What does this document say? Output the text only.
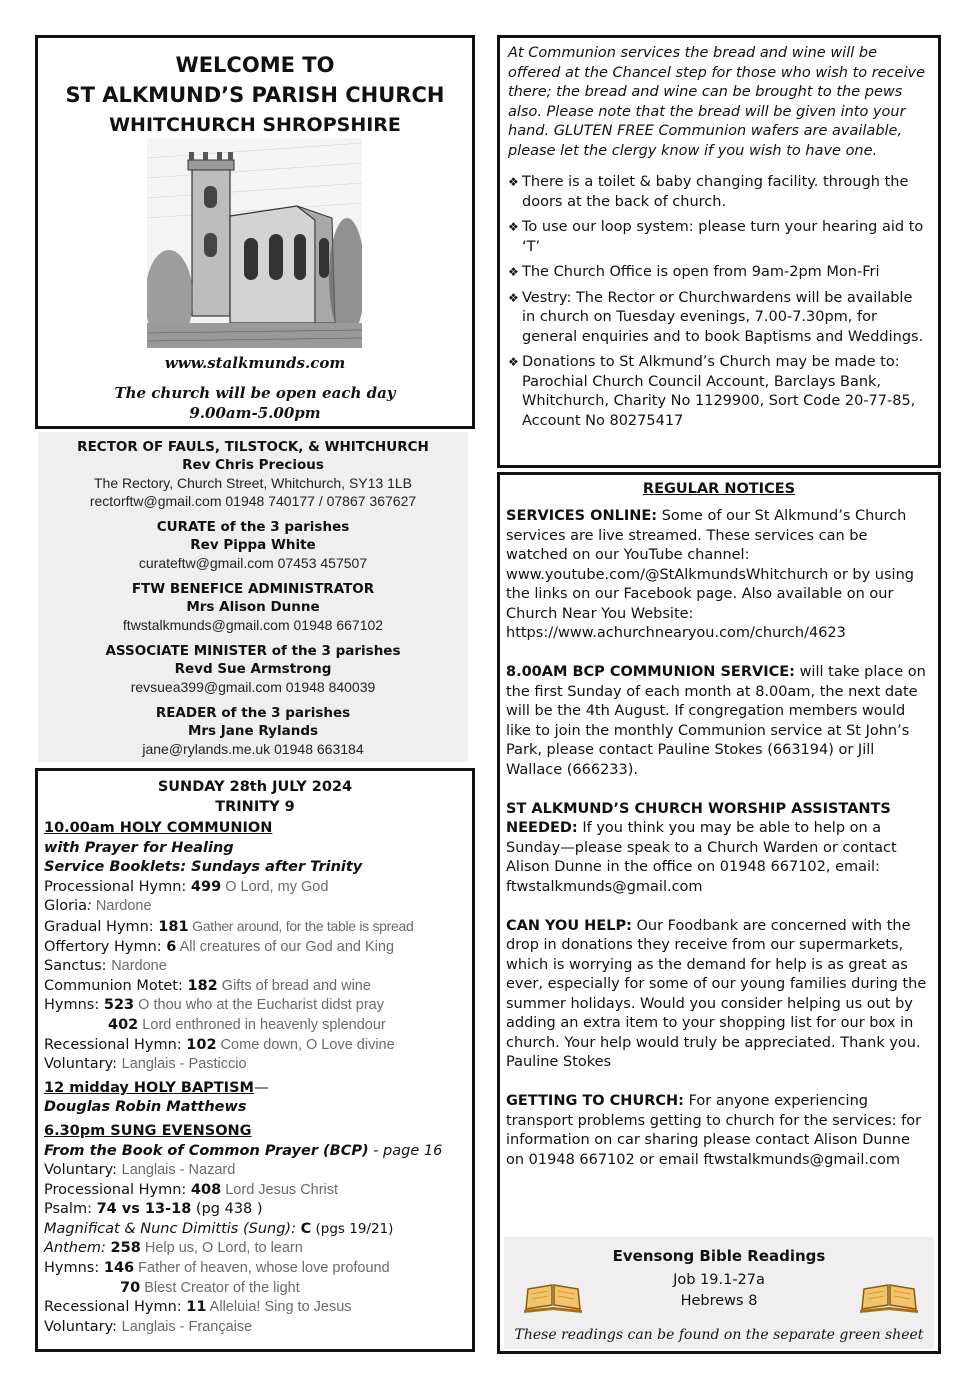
WELCOME TO
ST ALKMUND’S PARISH CHURCH
WHITCHURCH SHROPSHIRE
www.stalkmunds.com
The church will be open each day
9.00am-5.00pm
RECTOR OF FAULS, TILSTOCK, & WHITCHURCH
Rev Chris Precious
The Rectory, Church Street, Whitchurch, SY13 1LB
rectorftw@gmail.com 01948 740177 / 07867 367627
CURATE of the 3 parishes
Rev Pippa White
curateftw@gmail.com 07453 457507
FTW BENEFICE ADMINISTRATOR
Mrs Alison Dunne
ftwstalkmunds@gmail.com 01948 667102
ASSOCIATE MINISTER of the 3 parishes
Revd Sue Armstrong
revsuea399@gmail.com 01948 840039
READER of the 3 parishes
Mrs Jane Rylands
jane@rylands.me.uk 01948 663184
SUNDAY 28th JULY 2024
TRINITY 9
10.00am HOLY COMMUNION
with Prayer for Healing
Service Booklets: Sundays after Trinity
Processional Hymn: 499 O Lord, my God
Gloria: Nardone
Gradual Hymn: 181 Gather around, for the table is spread
Offertory Hymn: 6 All creatures of our God and King
Sanctus: Nardone
Communion Motet: 182 Gifts of bread and wine
Hymns: 523 O thou who at the Eucharist didst pray
402 Lord enthroned in heavenly splendour
Recessional Hymn: 102 Come down, O Love divine
Voluntary: Langlais - Pasticcio
12 midday HOLY BAPTISM—
Douglas Robin Matthews
6.30pm SUNG EVENSONG
From the Book of Common Prayer (BCP) - page 16
Voluntary: Langlais - Nazard
Processional Hymn: 408 Lord Jesus Christ
Psalm: 74 vs 13-18 (pg 438 )
Magnificat & Nunc Dimittis (Sung): C (pgs 19/21)
Anthem: 258 Help us, O Lord, to learn
Hymns: 146 Father of heaven, whose love profound
70 Blest Creator of the light
Recessional Hymn: 11 Alleluia! Sing to Jesus
Voluntary: Langlais - Française
At Communion services the bread and wine will be offered at the Chancel step for those who wish to receive there; the bread and wine can be brought to the pews also. Please note that the bread will be given into your hand. GLUTEN FREE Communion wafers are available, please let the clergy know if you wish to have one.
❖ There is a toilet & baby changing facility. through the doors at the back of church.
❖ To use our loop system: please turn your hearing aid to ‘T’
❖ The Church Office is open from 9am-2pm Mon-Fri
❖ Vestry: The Rector or Churchwardens will be available in church on Tuesday evenings, 7.00-7.30pm, for general enquiries and to book Baptisms and Weddings.
❖ Donations to St Alkmund’s Church may be made to: Parochial Church Council Account, Barclays Bank, Whitchurch, Charity No 1129900, Sort Code 20-77-85, Account No 80275417
REGULAR NOTICES
SERVICES ONLINE: Some of our St Alkmund’s Church services are live streamed. These services can be watched on our YouTube channel: www.youtube.com/@StAlkmundsWhitchurch or by using the links on our Facebook page. Also available on our Church Near You Website: https://www.achurchnearyou.com/church/4623
8.00AM BCP COMMUNION SERVICE: will take place on the first Sunday of each month at 8.00am, the next date will be the 4th August. If congregation members would like to join the monthly Communion service at St John’s Park, please contact Pauline Stokes (663194) or Jill Wallace (666233).
ST ALKMUND’S CHURCH WORSHIP ASSISTANTS NEEDED: If you think you may be able to help on a Sunday—please speak to a Church Warden or contact Alison Dunne in the office on 01948 667102, email: ftwstalkmunds@gmail.com
CAN YOU HELP: Our Foodbank are concerned with the drop in donations they receive from our supermarkets, which is worrying as the demand for help is as great as ever, especially for some of our young families during the summer holidays. Would you consider helping us out by adding an extra item to your shopping list for our box in church. Your help would truly be appreciated. Thank you. Pauline Stokes
GETTING TO CHURCH: For anyone experiencing transport problems getting to church for the services: for information on car sharing please contact Alison Dunne on 01948 667102 or email ftwstalkmunds@gmail.com
Evensong Bible Readings
Job 19.1-27a
Hebrews 8
These readings can be found on the separate green sheet
